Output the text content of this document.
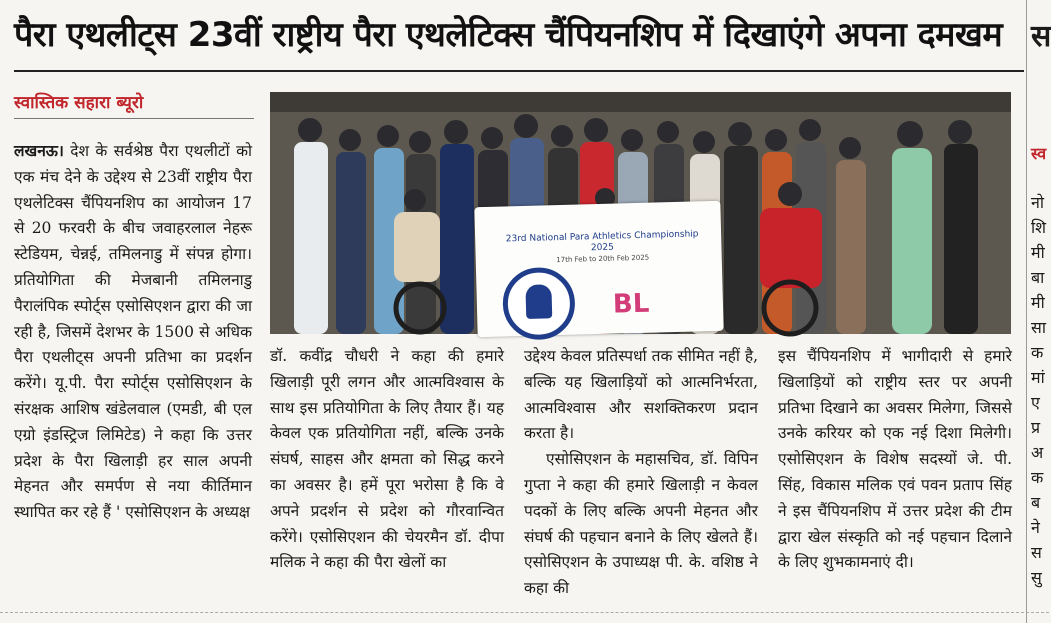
पैरा एथलीट्स 23वीं राष्ट्रीय पैरा एथलेटिक्स चैंपियनशिप में दिखाएंगे अपना दमखम
स्वास्तिक सहारा ब्यूरो
23rd National Para Athletics Championship 2025
17th Feb to 20th Feb 2025
BL
लखनऊ। देश के सर्वश्रेष्ठ पैरा एथलीटों को एक मंच देने के उद्देश्य से 23वीं राष्ट्रीय पैरा एथलेटिक्स चैंपियनशिप का आयोजन 17 से 20 फरवरी के बीच जवाहरलाल नेहरू स्टेडियम, चेन्नई, तमिलनाडु में संपन्न होगा। प्रतियोगिता की मेजबानी तमिलनाडु पैरालंपिक स्पोर्ट्स एसोसिएशन द्वारा की जा रही है, जिसमें देशभर के 1500 से अधिक पैरा एथलीट्स अपनी प्रतिभा का प्रदर्शन करेंगे। यू.पी. पैरा स्पोर्ट्स एसोसिएशन के संरक्षक आशिष खंडेलवाल (एमडी, बी एल एग्रो इंडस्ट्रिज लिमिटेड) ने कहा कि उत्तर प्रदेश के पैरा खिलाड़ी हर साल अपनी मेहनत और समर्पण से नया कीर्तिमान स्थापित कर रहे हैं ' एसोसिएशन के अध्यक्ष
डॉ. कवींद्र चौधरी ने कहा की हमारे खिलाड़ी पूरी लगन और आत्मविश्वास के साथ इस प्रतियोगिता के लिए तैयार हैं। यह केवल एक प्रतियोगिता नहीं, बल्कि उनके संघर्ष, साहस और क्षमता को सिद्ध करने का अवसर है। हमें पूरा भरोसा है कि वे अपने प्रदर्शन से प्रदेश को गौरवान्वित करेंगे। एसोसिएशन की चेयरमैन डॉ. दीपा मलिक ने कहा की पैरा खेलों का
उद्देश्य केवल प्रतिस्पर्धा तक सीमित नहीं है, बल्कि यह खिलाड़ियों को आत्मनिर्भरता, आत्मविश्वास और सशक्तिकरण प्रदान करता है।
एसोसिएशन के महासचिव, डॉ. विपिन गुप्ता ने कहा की हमारे खिलाड़ी न केवल पदकों के लिए बल्कि अपनी मेहनत और संघर्ष की पहचान बनाने के लिए खेलते हैं। एसोसिएशन के उपाध्यक्ष पी. के. वशिष्ठ ने कहा की
इस चैंपियनशिप में भागीदारी से हमारे खिलाड़ियों को राष्ट्रीय स्तर पर अपनी प्रतिभा दिखाने का अवसर मिलेगा, जिससे उनके करियर को एक नई दिशा मिलेगी। एसोसिएशन के विशेष सदस्यों जे. पी. सिंह, विकास मलिक एवं पवन प्रताप सिंह ने इस चैंपियनशिप में उत्तर प्रदेश की टीम द्वारा खेल संस्कृति को नई पहचान दिलाने के लिए शुभकामनाएं दी।
स
स्व
नो शि मी बा मी सा क मां ए प्र अ क ब ने स सु
